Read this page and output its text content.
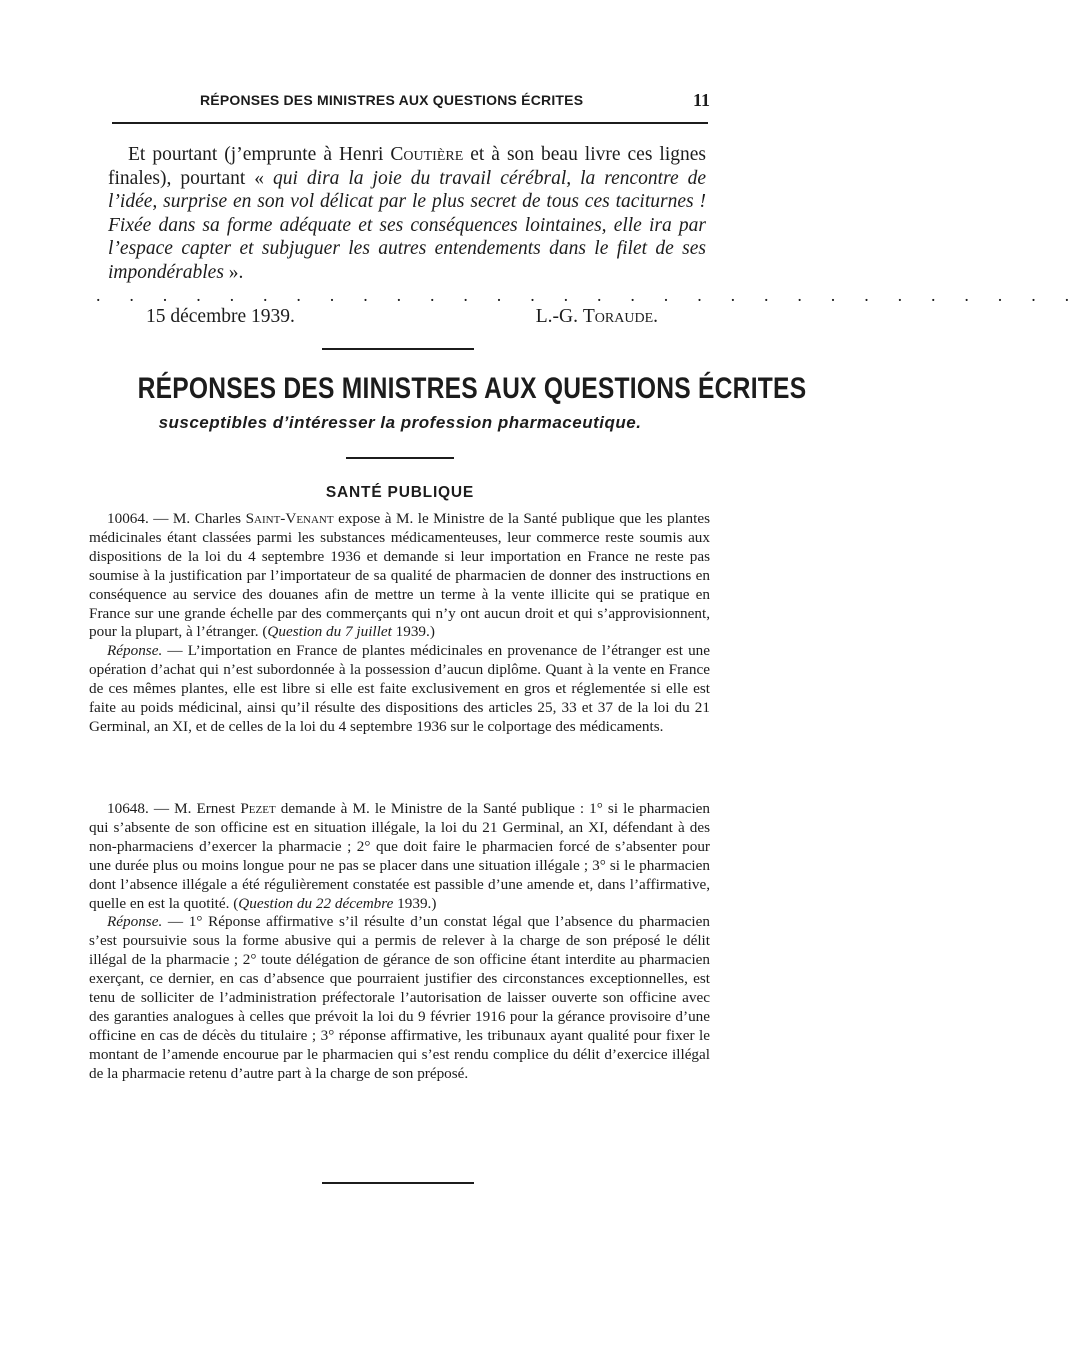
RÉPONSES DES MINISTRES AUX QUESTIONS ÉCRITES	11

Et pourtant (j’emprunte à Henri Coutière et à son beau livre ces lignes finales), pourtant « qui dira la joie du travail cérébral, la rencontre de l’idée, surprise en son vol délicat par le plus secret de tous ces taciturnes ! Fixée dans sa forme adéquate et ses conséquences lointaines, elle ira par l’espace capter et subjuguer les autres entendements dans le filet de ses impondérables ».

. . . . . . . . . . . . . . . . . . . . . . . . . . . . . .
15 décembre 1939.	L.-G. Toraude.
RÉPONSES DES MINISTRES AUX QUESTIONS ÉCRITES
susceptibles d’intéresser la profession pharmaceutique.
SANTÉ PUBLIQUE

10064. — M. Charles Saint-Venant expose à M. le Ministre de la Santé publique que les plantes médicinales étant classées parmi les substances médicamenteuses, leur commerce reste soumis aux dispositions de la loi du 4 septembre 1936 et demande si leur importation en France ne reste pas soumise à la justification par l’importateur de sa qualité de pharmacien de donner des instructions en conséquence au service des douanes afin de mettre un terme à la vente illicite qui se pratique en France sur une grande échelle par des commerçants qui n’y ont aucun droit et qui s’approvisionnent, pour la plupart, à l’étranger. (Question du 7 juillet 1939.)

Réponse. — L’importation en France de plantes médicinales en provenance de l’étranger est une opération d’achat qui n’est subordonnée à la possession d’aucun diplôme. Quant à la vente en France de ces mêmes plantes, elle est libre si elle est faite exclusivement en gros et réglementée si elle est faite au poids médicinal, ainsi qu’il résulte des dispositions des articles 25, 33 et 37 de la loi du 21 Germinal, an XI, et de celles de la loi du 4 septembre 1936 sur le colportage des médicaments.

10648. — M. Ernest Pezet demande à M. le Ministre de la Santé publique : 1° si le pharmacien qui s’absente de son officine est en situation illégale, la loi du 21 Germinal, an XI, défendant à des non-pharmaciens d’exercer la pharmacie ; 2° que doit faire le pharmacien forcé de s’absenter pour une durée plus ou moins longue pour ne pas se placer dans une situation illégale ; 3° si le pharmacien dont l’absence illégale a été régulièrement constatée est passible d’une amende et, dans l’affirmative, quelle en est la quotité. (Question du 22 décembre 1939.)

Réponse. — 1° Réponse affirmative s’il résulte d’un constat légal que l’absence du pharmacien s’est poursuivie sous la forme abusive qui a permis de relever à la charge de son préposé le délit illégal de la pharmacie ; 2° toute délégation de gérance de son officine étant interdite au pharmacien exerçant, ce dernier, en cas d’absence que pourraient justifier des circonstances exceptionnelles, est tenu de solliciter de l’administration préfectorale l’autorisation de laisser ouverte son officine avec des garanties analogues à celles que prévoit la loi du 9 février 1916 pour la gérance provisoire d’une officine en cas de décès du titulaire ; 3° réponse affirmative, les tribunaux ayant qualité pour fixer le montant de l’amende encourue par le pharmacien qui s’est rendu complice du délit d’exercice illégal de la pharmacie retenu d’autre part à la charge de son préposé.
